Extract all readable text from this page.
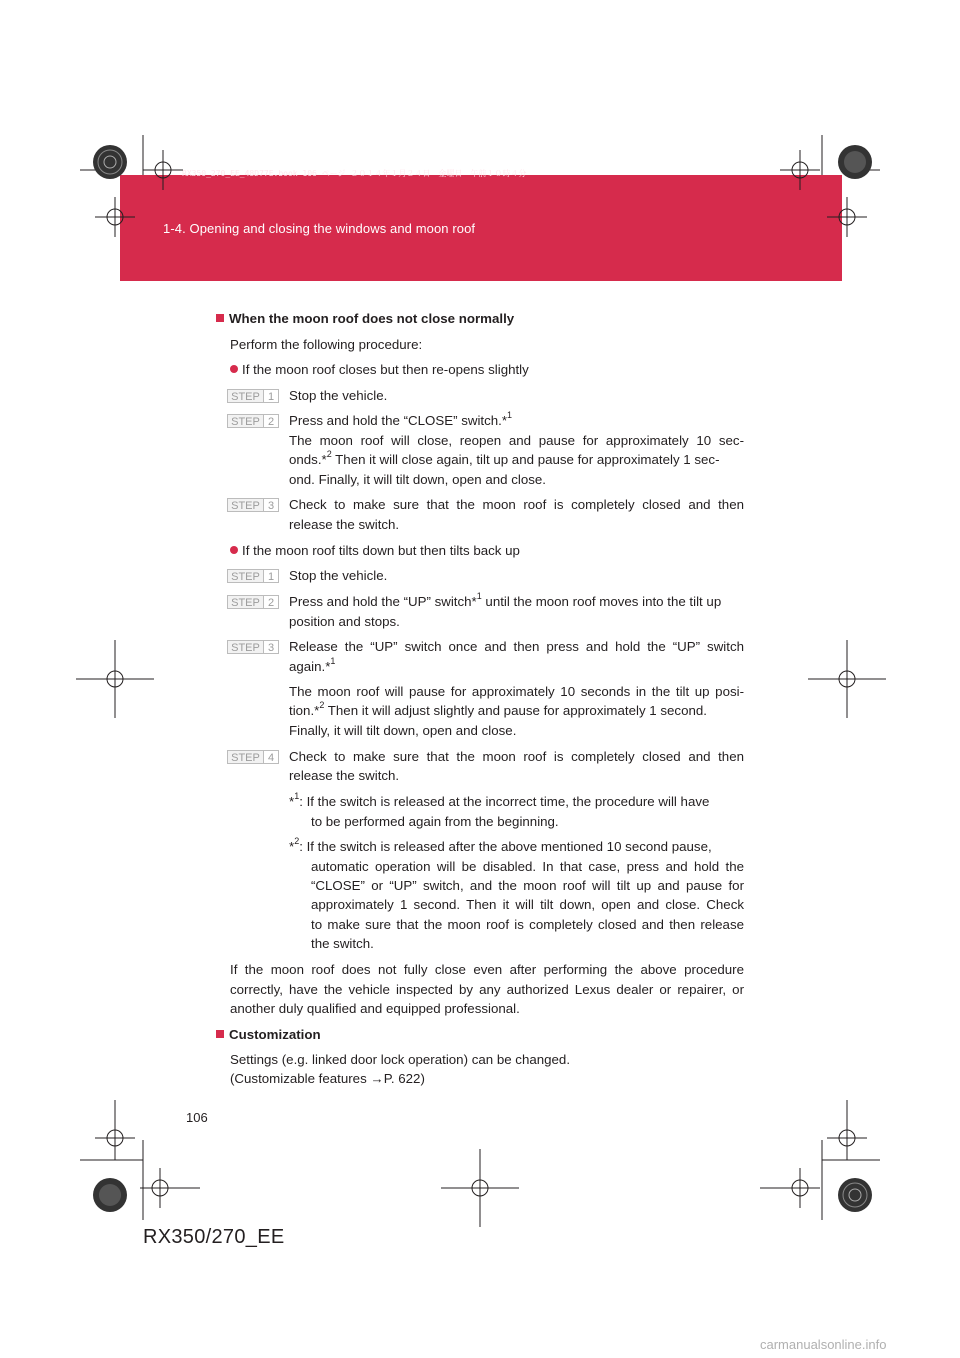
RX350_270_EE_48D77E.book 106 ページ ２０１４年１月２４日　金曜日　午前１０時４分
1-4. Opening and closing the windows and moon roof
When the moon roof does not close normally
Perform the following procedure:
If the moon roof closes but then re-opens slightly
STEP 1 Stop the vehicle.
STEP 2 Press and hold the “CLOSE” switch.*$^1$
The moon roof will close, reopen and pause for approximately 10 sec-
onds.*$^2$ Then it will close again, tilt up and pause for approximately 1 sec-
ond. Finally, it will tilt down, open and close.
STEP 3 Check to make sure that the moon roof is completely closed and then
release the switch.
If the moon roof tilts down but then tilts back up
STEP 1 Stop the vehicle.
STEP 2 Press and hold the “UP” switch*$^1$ until the moon roof moves into the tilt up
position and stops.
STEP 3 Release the “UP” switch once and then press and hold the “UP” switch
again.*$^1$
The moon roof will pause for approximately 10 seconds in the tilt up posi-
tion.*$^2$ Then it will adjust slightly and pause for approximately 1 second.
Finally, it will tilt down, open and close.
STEP 4 Check to make sure that the moon roof is completely closed and then
release the switch.
*$^1$: If the switch is released at the incorrect time, the procedure will have
to be performed again from the beginning.
*$^2$: If the switch is released after the above mentioned 10 second pause,
automatic operation will be disabled. In that case, press and hold the
“CLOSE” or “UP” switch, and the moon roof will tilt up and pause for
approximately 1 second. Then it will tilt down, open and close. Check
to make sure that the moon roof is completely closed and then release
the switch.
If the moon roof does not fully close even after performing the above procedure
correctly, have the vehicle inspected by any authorized Lexus dealer or repairer, or
another duly qualified and equipped professional.
Customization
Settings (e.g. linked door lock operation) can be changed.
(Customizable features →P. 622)
106
RX350/270_EE
carmanualsonline.info
